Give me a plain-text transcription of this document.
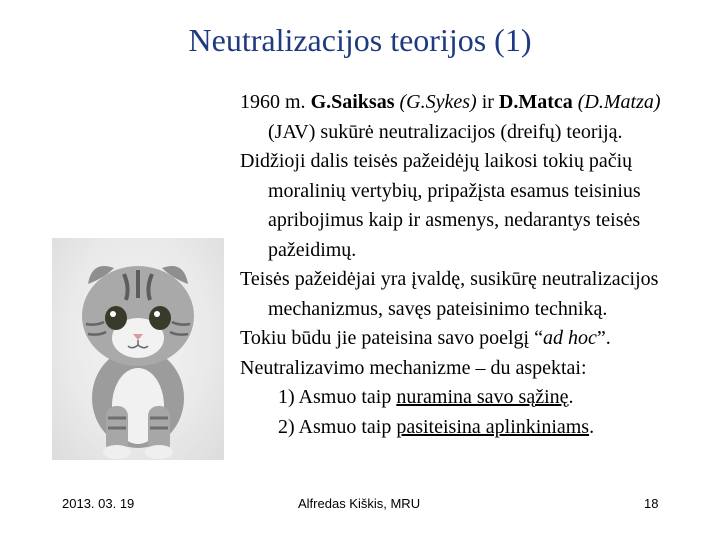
Neutralizacijos teorijos (1)

1960 m. G.Saiksas (G.Sykes) ir D.Matca (D.Matza) (JAV) sukūrė neutralizacijos (dreifų) teoriją.

Didžioji dalis teisės pažeidėjų laikosi tokių pačių moralinių vertybių, pripažįsta esamus teisinius apribojimus kaip ir asmenys, nedarantys teisės pažeidimų.

Teisės pažeidėjai yra įvaldę, susikūrę neutralizacijos mechanizmus, savęs pateisinimo techniką.

Tokiu būdu jie pateisina savo poelgį “ad hoc”.

Neutralizavimo mechanizme – du aspektai:

1) Asmuo taip nuramina savo sąžinę.

2) Asmuo taip pasiteisina aplinkiniams.

2013. 03. 19	Alfredas Kiškis, MRU	18
